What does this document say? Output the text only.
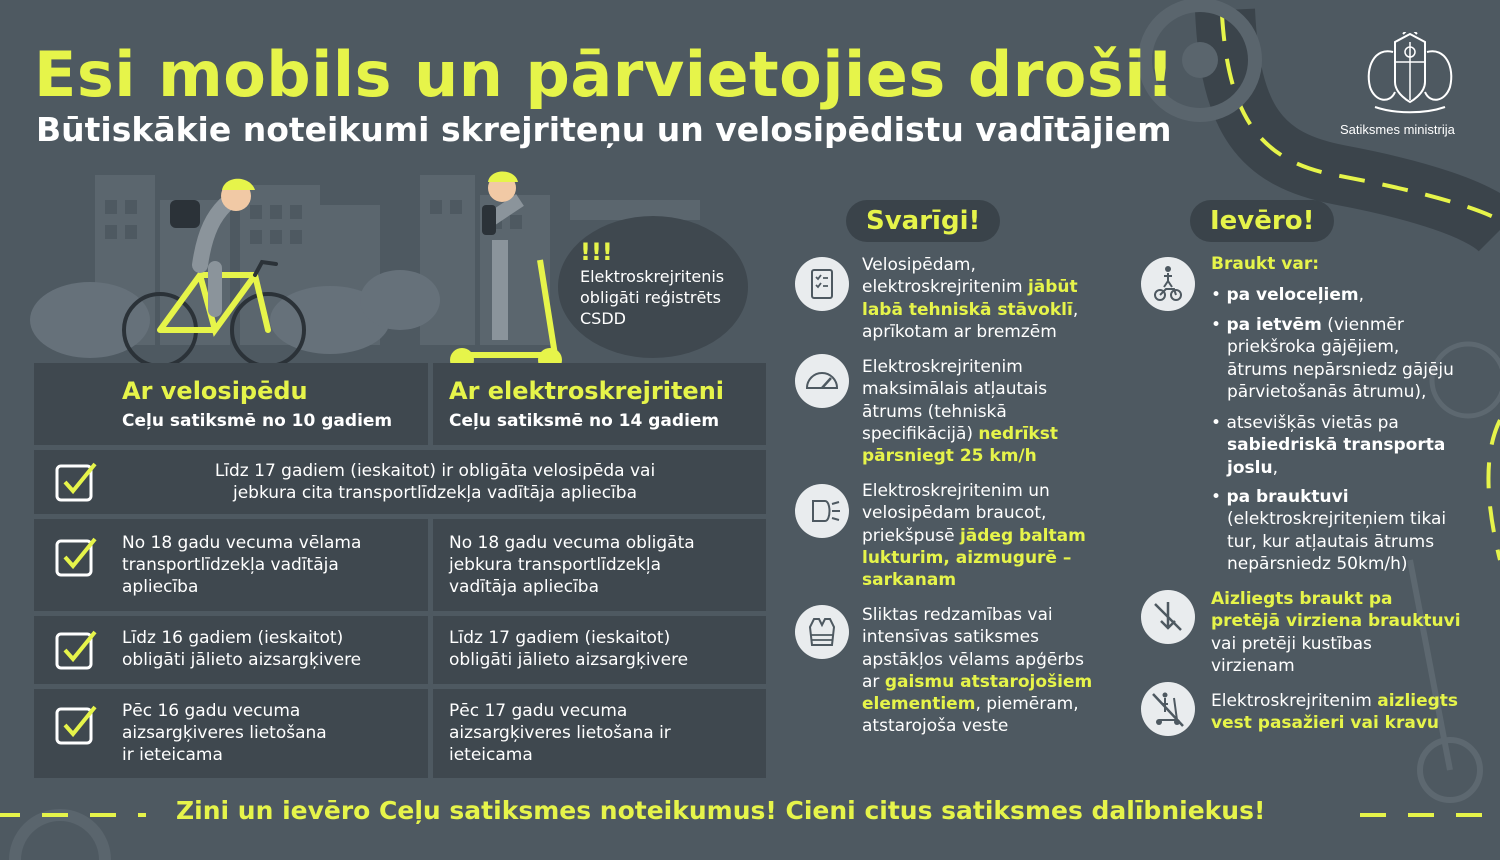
Esi mobils un pārvietojies droši!
Būtiskākie noteikumi skrejriteņu un velosipēdistu vadītājiem	Satiksmes ministrija
!!!
Elektroskrejritenis
obligāti reģistrēts
CSDD
Ar velosipēdu
Ceļu satiksmē no 10 gadiem
Ar elektroskrejriteni
Ceļu satiksmē no 14 gadiem
Līdz 17 gadiem (ieskaitot) ir obligāta velosipēda vai
jebkura cita transportlīdzekļa vadītāja apliecība
No 18 gadu vecuma vēlama
transportlīdzekļa vadītāja
apliecība
No 18 gadu vecuma obligāta
jebkura transportlīdzekļa
vadītāja apliecība
Līdz 16 gadiem (ieskaitot)
obligāti jālieto aizsargķivere
Līdz 17 gadiem (ieskaitot)
obligāti jālieto aizsargķivere
Pēc 16 gadu vecuma
aizsargķiveres lietošana
ir ieteicama
Pēc 17 gadu vecuma
aizsargķiveres lietošana ir
ieteicama
Svarīgi!
Velosipēdam,
elektroskrejritenim jābūt
labā tehniskā stāvoklī,
aprīkotam ar bremzēm
Elektroskrejritenim
maksimālais atļautais
ātrums (tehniskā
specifikācijā) nedrīkst
pārsniegt 25 km/h
Elektroskrejritenim un
velosipēdam braucot,
priekšpusē jādeg baltam
lukturim, aizmugurē –
sarkanam
Sliktas redzamības vai
intensīvas satiksmes
apstākļos vēlams apģērbs
ar gaismu atstarojošiem
elementiem, piemēram,
atstarojoša veste
Ievēro!
Braukt var:
• pa veloceļiem,
• pa ietvēm (vienmēr
priekšroka gājējiem,
ātrums nepārsniedz gājēju
pārvietošanās ātrumu),
• atsevišķās vietās pa
sabiedriskā transporta
joslu,
• pa brauktuvi
(elektroskrejriteņiem tikai
tur, kur atļautais ātrums
nepārsniedz 50km/h)
Aizliegts braukt pa
pretējā virziena brauktuvi
vai pretēji kustības
virzienam
Elektroskrejritenim aizliegts
vest pasažieri vai kravu
Zini un ievēro Ceļu satiksmes noteikumus! Cieni citus satiksmes dalībniekus!
